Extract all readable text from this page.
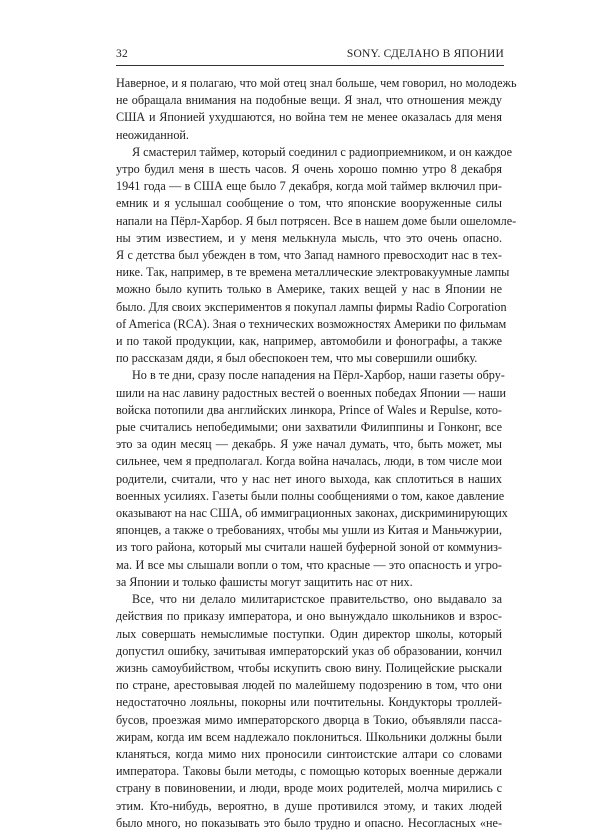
32	SONY. СДЕЛАНО В ЯПОНИИ

Наверное, и я полагаю, что мой отец знал больше, чем говорил, но молодежь
не обращала внимания на подобные вещи. Я знал, что отношения между
США и Японией ухудшаются, но война тем не менее оказалась для меня
неожиданной.

Я смастерил таймер, который соединил с радиоприемником, и он каждое
утро будил меня в шесть часов. Я очень хорошо помню утро 8 декабря
1941 года — в США еще было 7 декабря, когда мой таймер включил при-
емник и я услышал сообщение о том, что японские вооруженные силы
напали на Пёрл-Харбор. Я был потрясен. Все в нашем доме были ошеломле-
ны этим известием, и у меня мелькнула мысль, что это очень опасно.
Я с детства был убежден в том, что Запад намного превосходит нас в тех-
нике. Так, например, в те времена металлические электровакуумные лампы
можно было купить только в Америке, таких вещей у нас в Японии не
было. Для своих экспериментов я покупал лампы фирмы Radio Corporation
of America (RCA). Зная о технических возможностях Америки по фильмам
и по такой продукции, как, например, автомобили и фонографы, а также
по рассказам дяди, я был обеспокоен тем, что мы совершили ошибку.

Но в те дни, сразу после нападения на Пёрл-Харбор, наши газеты обру-
шили на нас лавину радостных вестей о военных победах Японии — наши
войска потопили два английских линкора, Prince of Wales и Repulse, кото-
рые считались непобедимыми; они захватили Филиппины и Гонконг, все
это за один месяц — декабрь. Я уже начал думать, что, быть может, мы
сильнее, чем я предполагал. Когда война началась, люди, в том числе мои
родители, считали, что у нас нет иного выхода, как сплотиться в наших
военных усилиях. Газеты были полны сообщениями о том, какое давление
оказывают на нас США, об иммиграционных законах, дискриминирующих
японцев, а также о требованиях, чтобы мы ушли из Китая и Маньчжурии,
из того района, который мы считали нашей буферной зоной от коммуниз-
ма. И все мы слышали вопли о том, что красные — это опасность и угро-
за Японии и только фашисты могут защитить нас от них.

Все, что ни делало милитаристское правительство, оно выдавало за
действия по приказу императора, и оно вынуждало школьников и взрос-
лых совершать немыслимые поступки. Один директор школы, который
допустил ошибку, зачитывая императорский указ об образовании, кончил
жизнь самоубийством, чтобы искупить свою вину. Полицейские рыскали
по стране, арестовывая людей по малейшему подозрению в том, что они
недостаточно лояльны, покорны или почтительны. Кондукторы троллей-
бусов, проезжая мимо императорского дворца в Токио, объявляли пасса-
жирам, когда им всем надлежало поклониться. Школьники должны были
кланяться, когда мимо них проносили синтоистские алтари со словами
императора. Таковы были методы, с помощью которых военные держали
страну в повиновении, и люди, вроде моих родителей, молча мирились с
этим. Кто-нибудь, вероятно, в душе противился этому, и таких людей
было много, но показывать это было трудно и опасно. Несогласных «не-
